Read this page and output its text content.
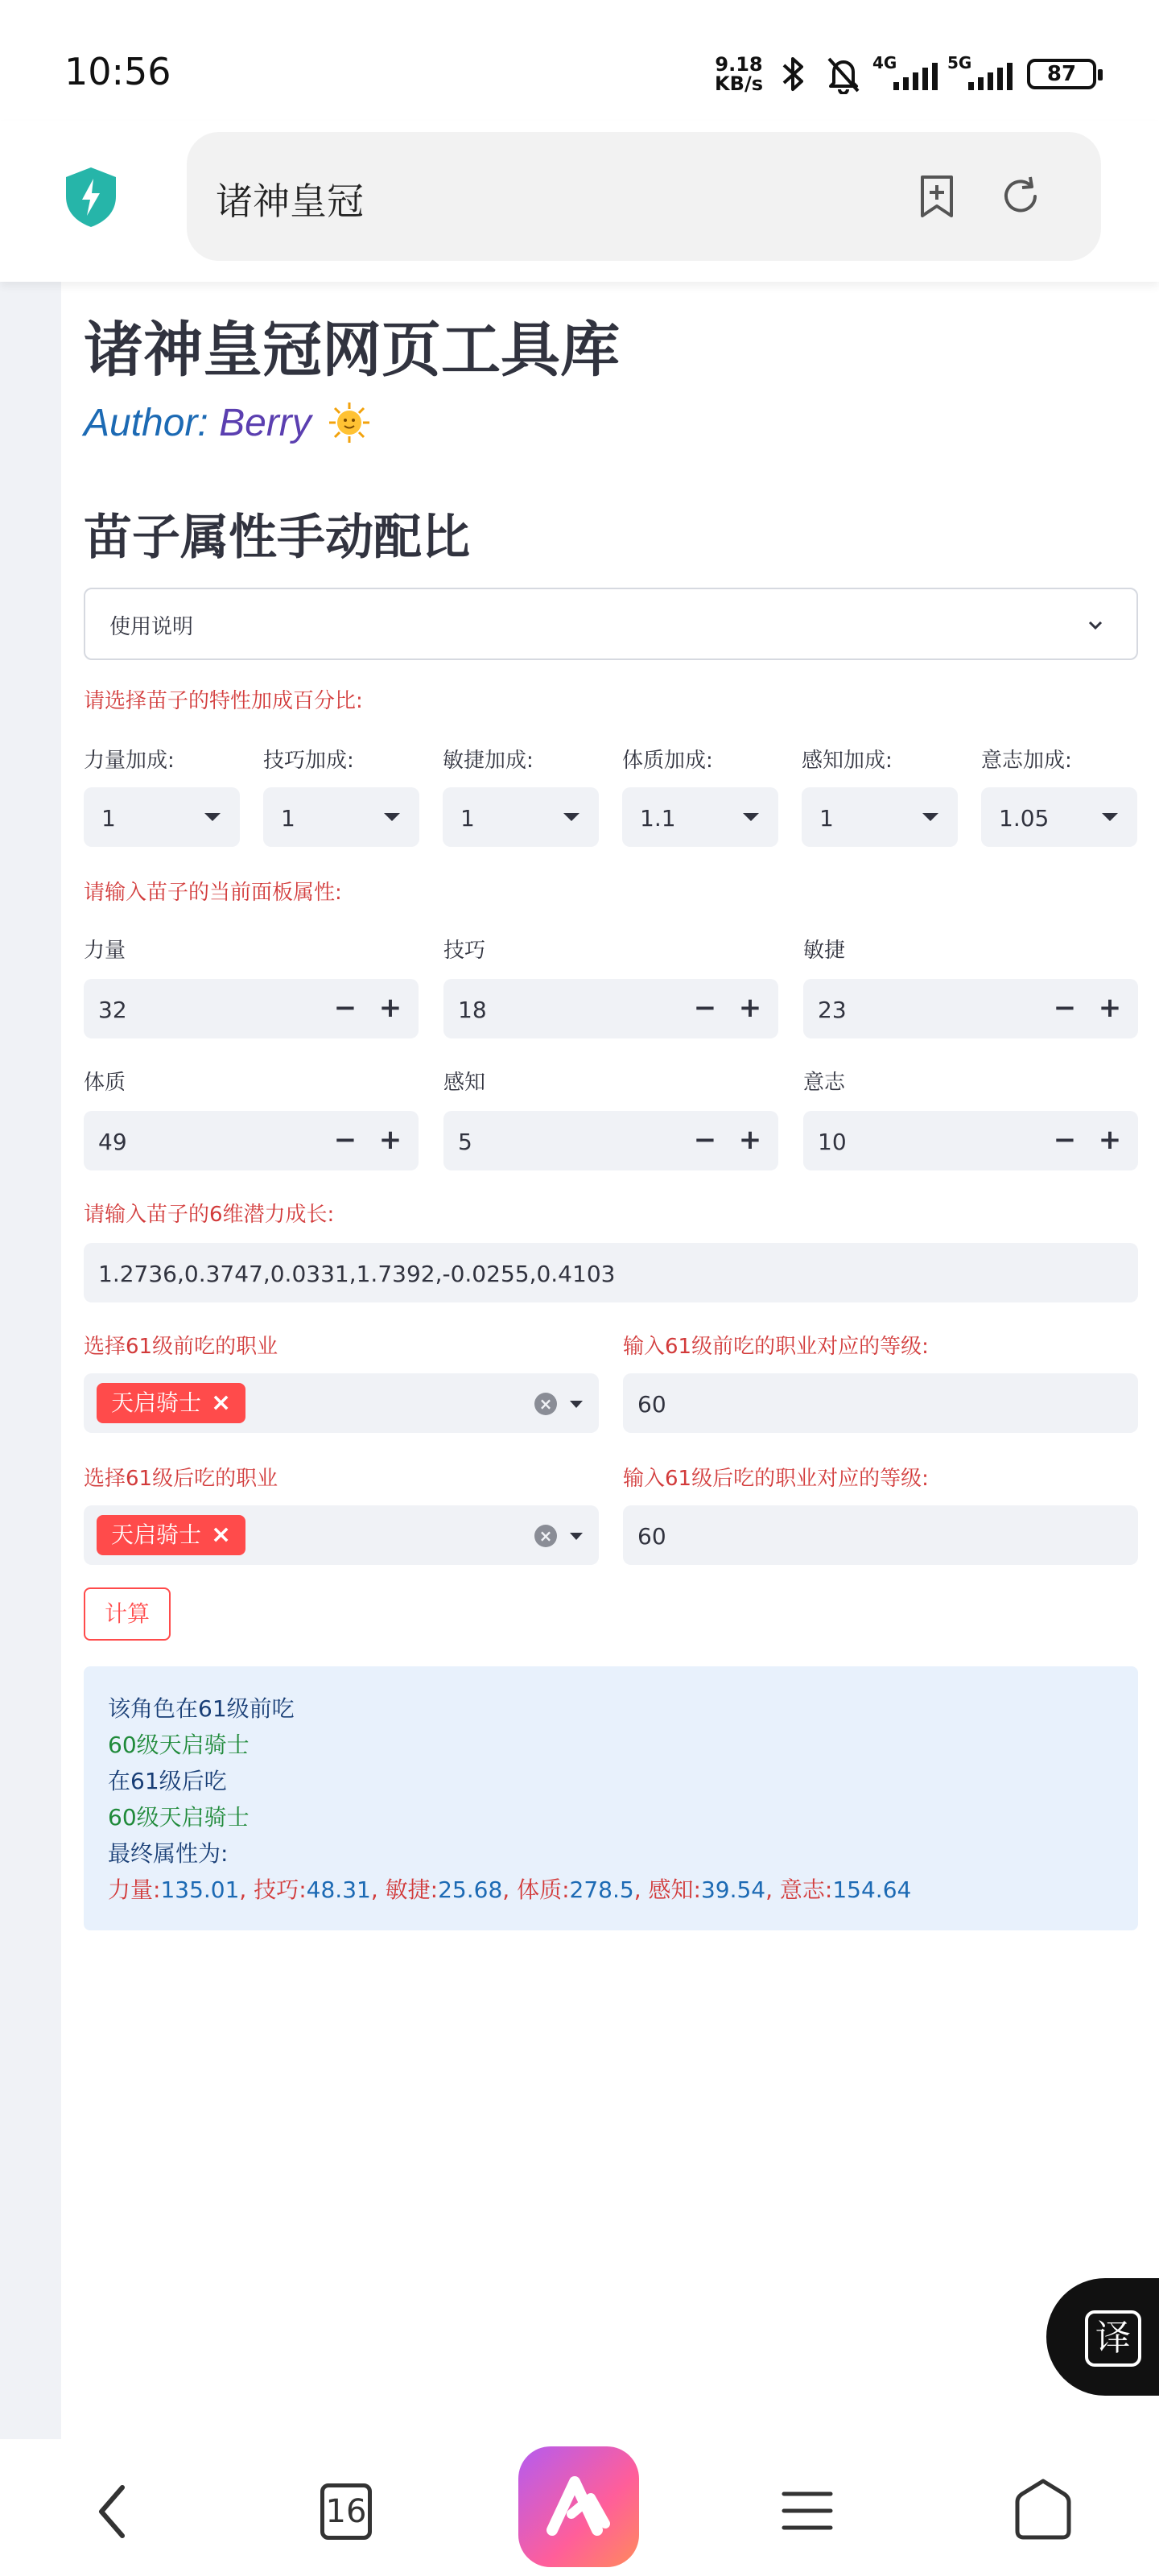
10:56	9.18
KB/s
4G	5G	87
诸神皇冠
诸神皇冠网页工具库
Author: Berry
苗子属性手动配比
使用说明
请选择苗子的特性加成百分比:
力量加成:	技巧加成:	敏捷加成:	体质加成:	感知加成:	意志加成:
1	1	1	1.1	1	1.05
请输入苗子的当前面板属性:
力量	技巧	敏捷
32	− +	18	− +	23	− +
体质	感知	意志
49	− +	5	− +	10	− +
请输入苗子的6维潜力成长:
1.2736,0.3747,0.0331,1.7392,-0.0255,0.4103
选择61级前吃的职业	输入61级前吃的职业对应的等级:
天启骑士 ×	×	60
选择61级后吃的职业	输入61级后吃的职业对应的等级:
天启骑士 ×	×	60
计算
该角色在61级前吃
60级天启骑士
在61级后吃
60级天启骑士
最终属性为:
力量:135.01, 技巧:48.31, 敏捷:25.68, 体质:278.5, 感知:39.54, 意志:154.64
译
16
